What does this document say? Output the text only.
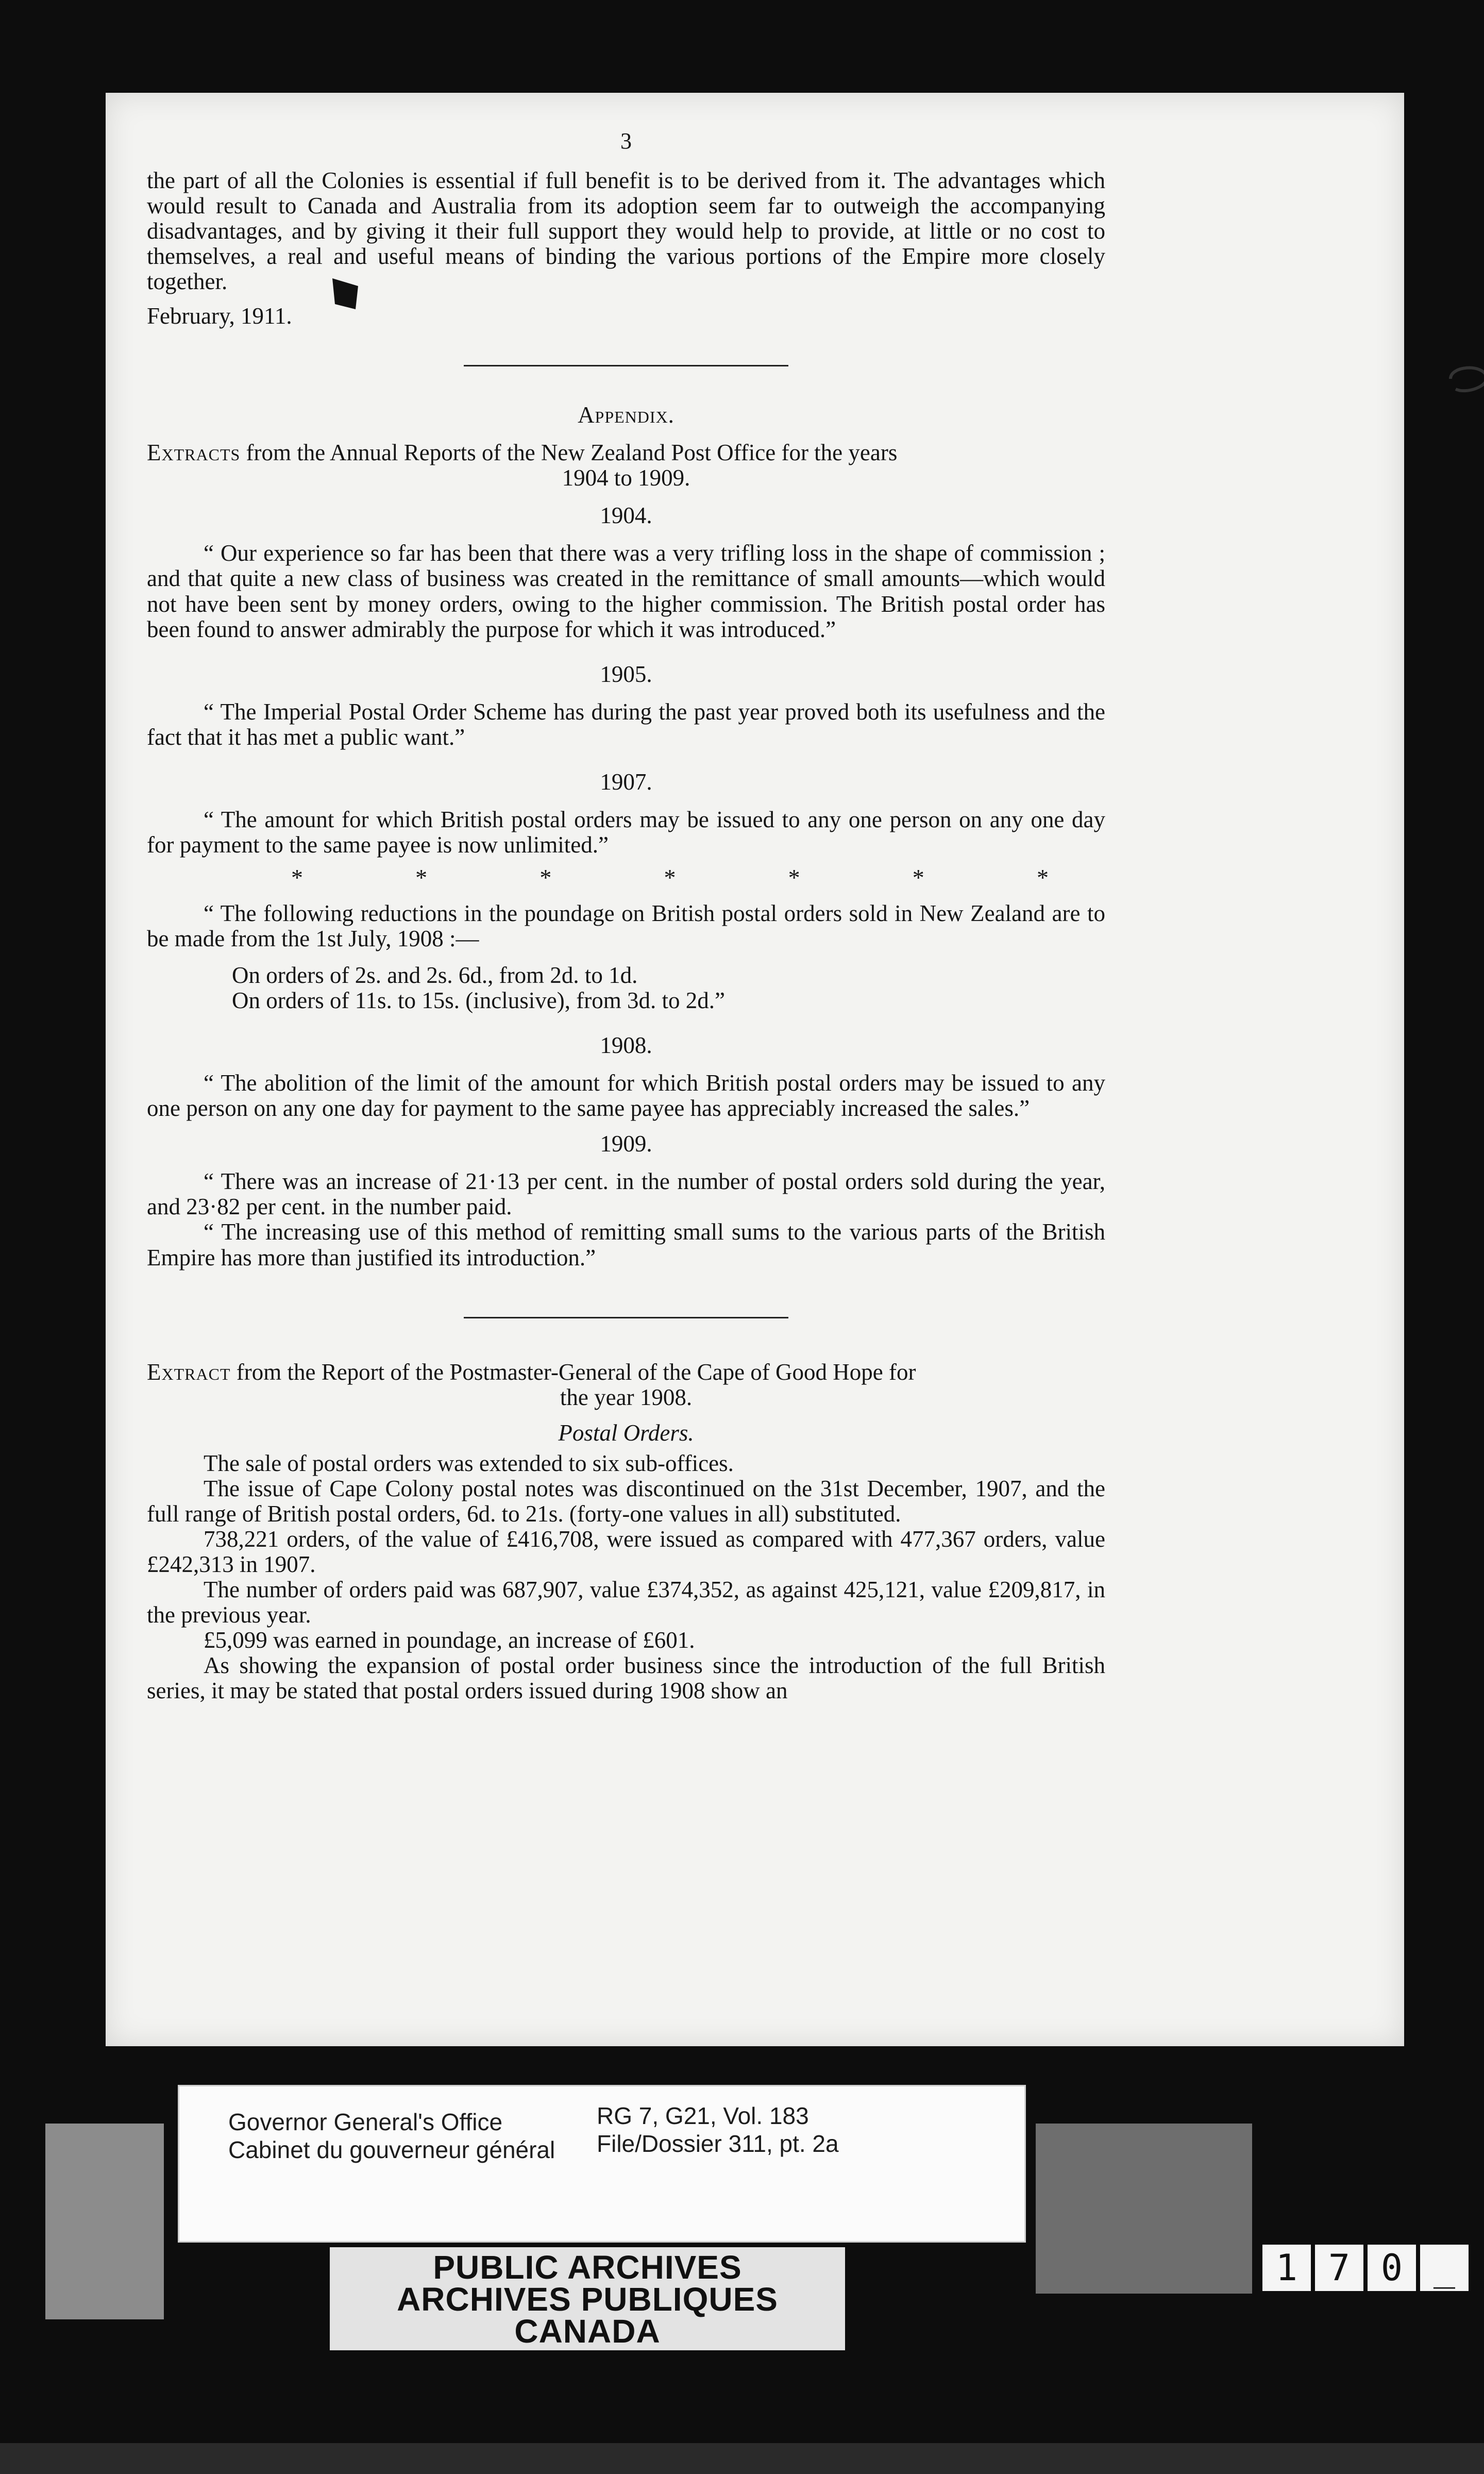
3

the part of all the Colonies is essential if full benefit is to be derived from it. The advantages which would result to Canada and Australia from its adoption seem far to outweigh the accompanying disadvantages, and by giving it their full support they would help to provide, at little or no cost to themselves, a real and useful means of binding the various portions of the Empire more closely together.

February, 1911.

Appendix.

Extracts from the Annual Reports of the New Zealand Post Office for the years

1904 to 1909.

1904.

“ Our experience so far has been that there was a very trifling loss in the shape of commission ; and that quite a new class of business was created in the remittance of small amounts—which would not have been sent by money orders, owing to the higher commission. The British postal order has been found to answer admirably the purpose for which it was introduced.”

1905.

“ The Imperial Postal Order Scheme has during the past year proved both its usefulness and the fact that it has met a public want.”

1907.

“ The amount for which British postal orders may be issued to any one person on any one day for payment to the same payee is now unlimited.”

*	*	*	*	*	*	*

“ The following reductions in the poundage on British postal orders sold in New Zealand are to be made from the 1st July, 1908 :—

On orders of 2s. and 2s. 6d., from 2d. to 1d.

On orders of 11s. to 15s. (inclusive), from 3d. to 2d.”

1908.

“ The abolition of the limit of the amount for which British postal orders may be issued to any one person on any one day for payment to the same payee has appreciably increased the sales.”

1909.

“ There was an increase of 21·13 per cent. in the number of postal orders sold during the year, and 23·82 per cent. in the number paid.

“ The increasing use of this method of remitting small sums to the various parts of the British Empire has more than justified its introduction.”

Extract from the Report of the Postmaster-General of the Cape of Good Hope for

the year 1908.

Postal Orders.

The sale of postal orders was extended to six sub-offices.

The issue of Cape Colony postal notes was discontinued on the 31st December, 1907, and the full range of British postal orders, 6d. to 21s. (forty-one values in all) substituted.

738,221 orders, of the value of £416,708, were issued as compared with 477,367 orders, value £242,313 in 1907.

The number of orders paid was 687,907, value £374,352, as against 425,121, value £209,817, in the previous year.

£5,099 was earned in poundage, an increase of £601.

As showing the expansion of postal order business since the introduction of the full British series, it may be stated that postal orders issued during 1908 show an

Governor General's Office
Cabinet du gouverneur général
RG 7, G21, Vol. 183
File/Dossier 311, pt. 2a
PUBLIC ARCHIVES
ARCHIVES PUBLIQUES
CANADA
1 7 0 _
